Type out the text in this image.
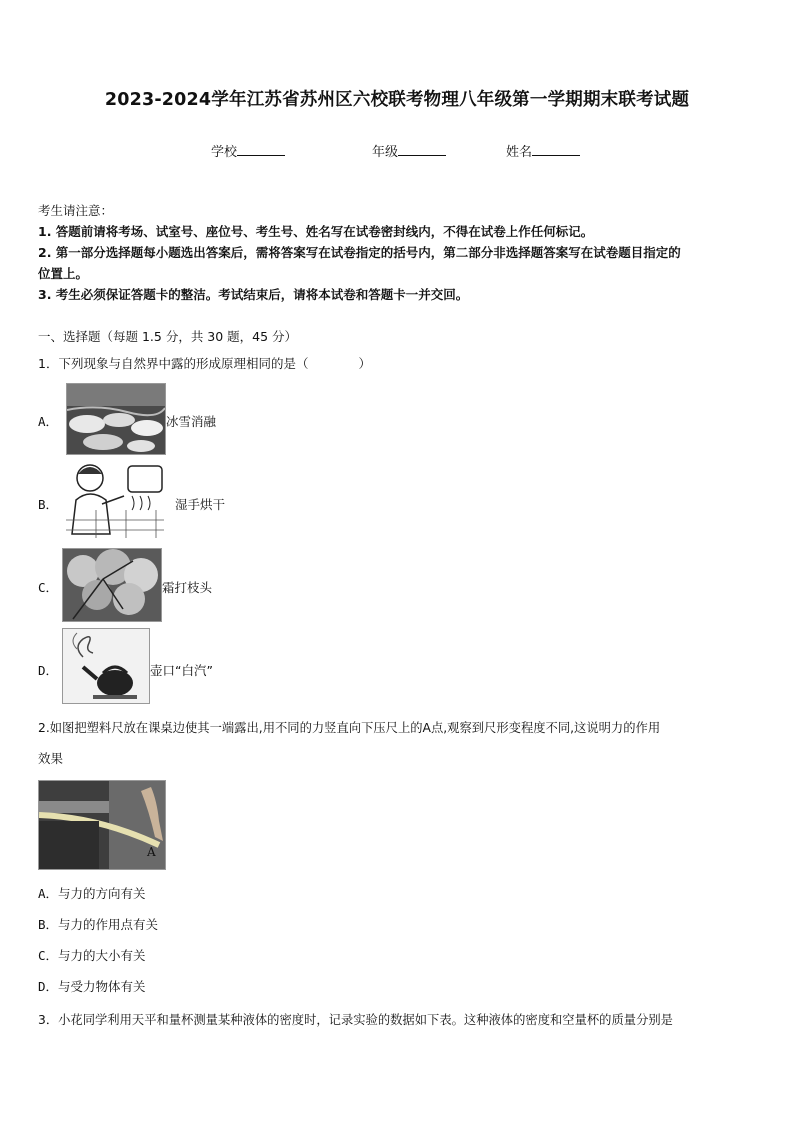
2023-2024学年江苏省苏州区六校联考物理八年级第一学期期末联考试题
学校	年级	姓名
考生请注意：
1. 答题前请将考场、试室号、座位号、考生号、姓名写在试卷密封线内，不得在试卷上作任何标记。
2. 第一部分选择题每小题选出答案后，需将答案写在试卷指定的括号内，第二部分非选择题答案写在试卷题目指定的
位置上。
3. 考生必须保证答题卡的整洁。考试结束后，请将本试卷和答题卡一并交回。
一、选择题（每题 1.5 分，共 30 题，45 分）
1．下列现象与自然界中露的形成原理相同的是（　　　　）
A．	冰雪消融
B．	湿手烘干
C．	霜打枝头
D．	壶口“白汽”
2.如图把塑料尺放在课桌边使其一端露出,用不同的力竖直向下压尺上的A点,观察到尺形变程度不同,这说明力的作用
效果
A
A．与力的方向有关
B．与力的作用点有关
C．与力的大小有关
D．与受力物体有关
3．小花同学利用天平和量杯测量某种液体的密度时，记录实验的数据如下表。这种液体的密度和空量杯的质量分别是
